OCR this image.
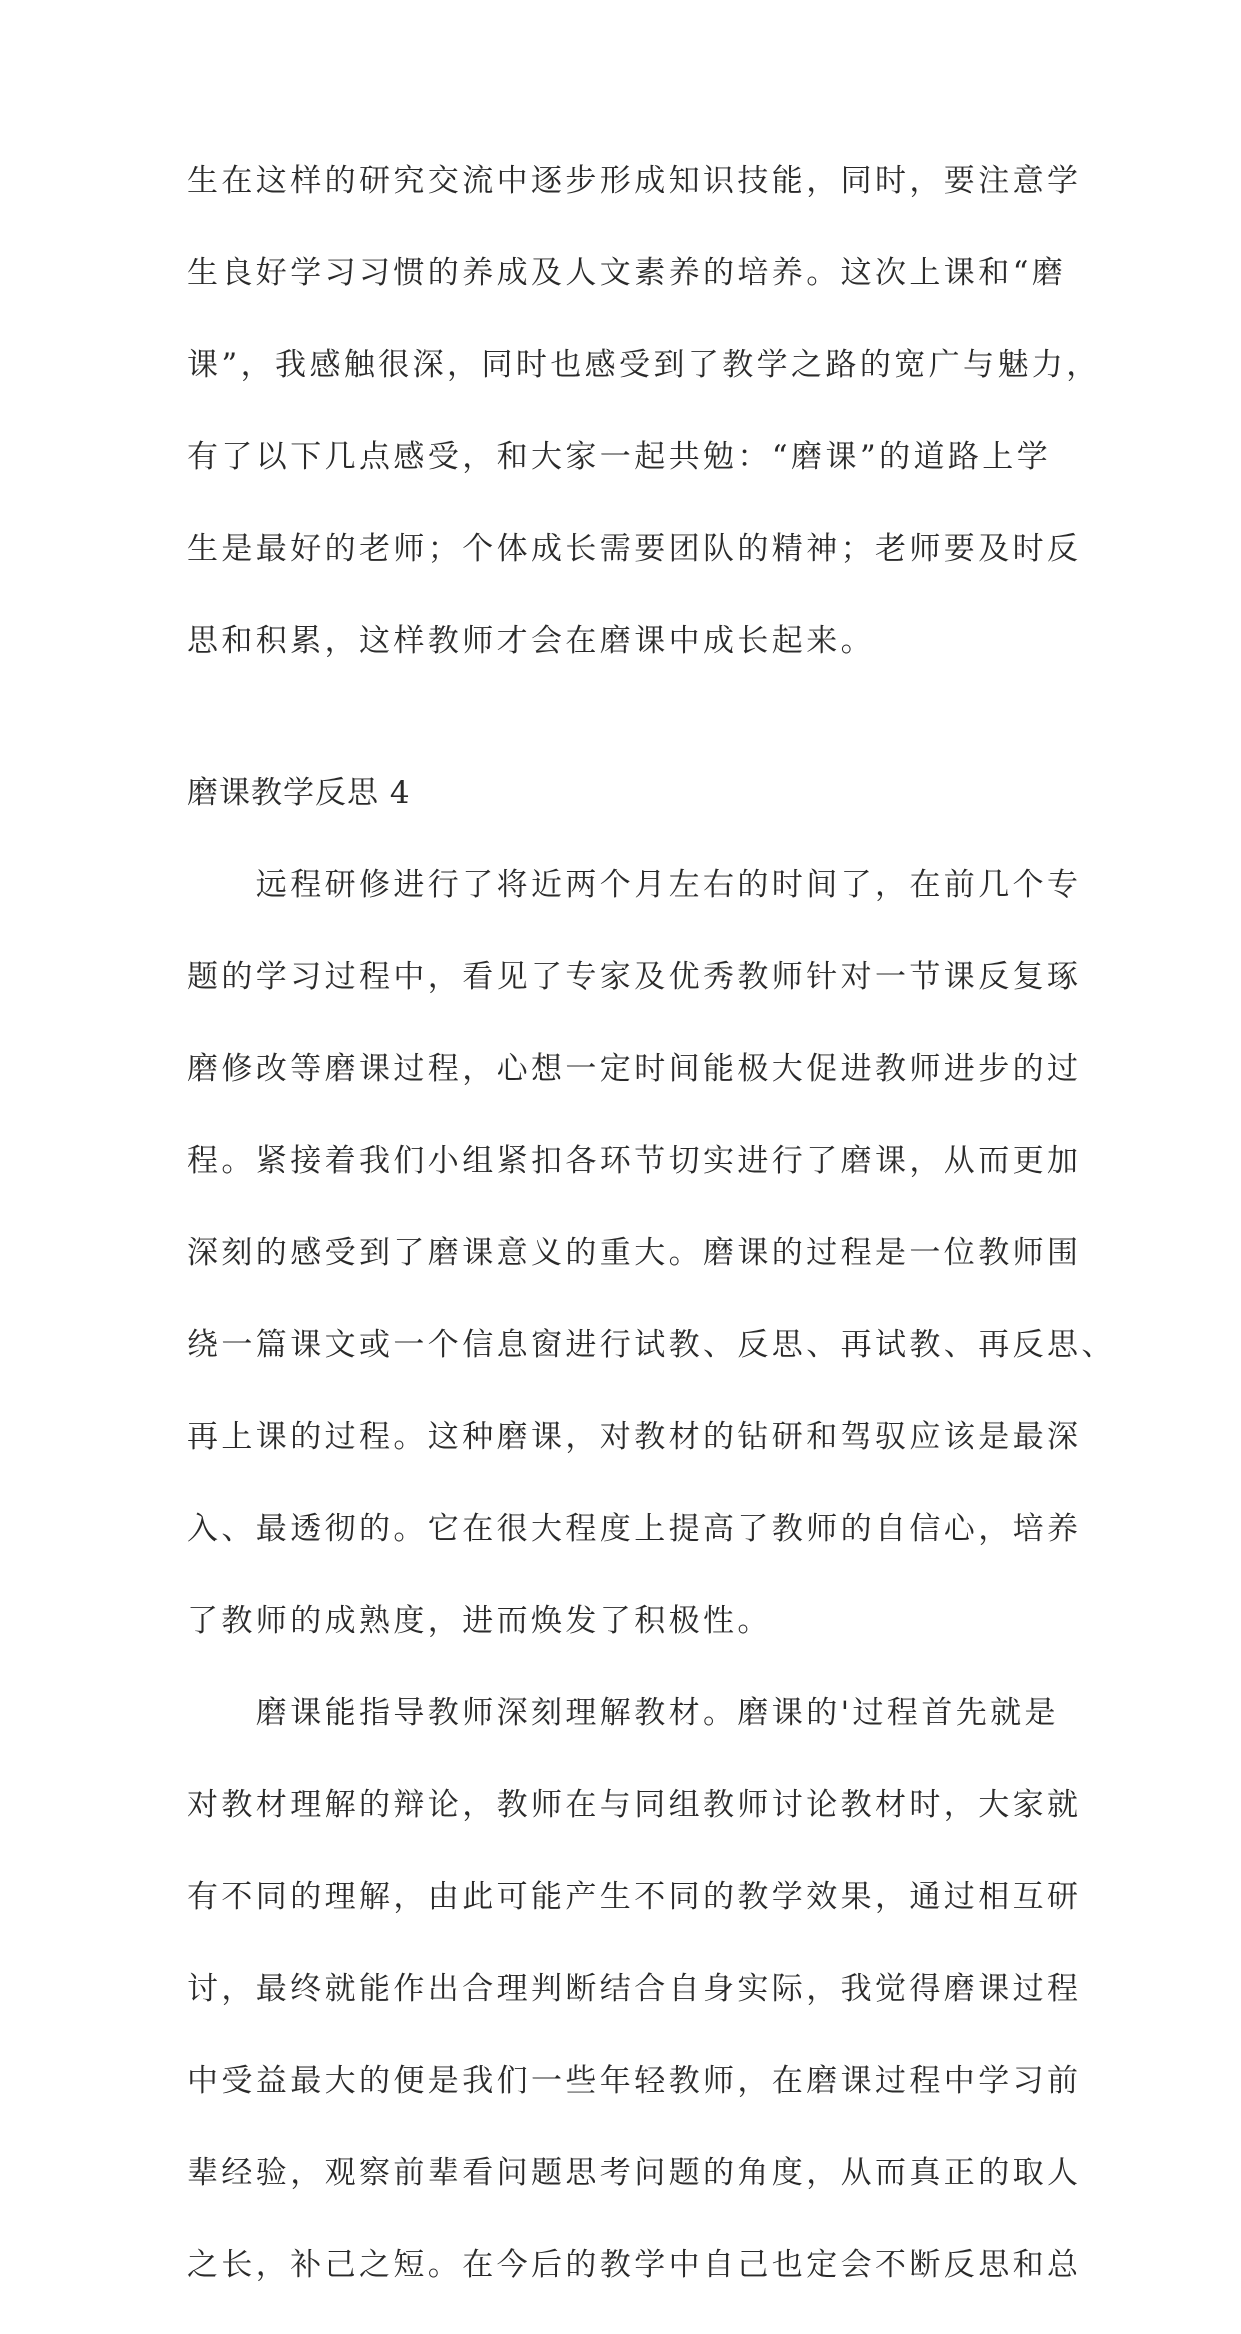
生在这样的研究交流中逐步形成知识技能，同时，要注意学
生良好学习习惯的养成及人文素养的培养。这次上课和“磨
课”，我感触很深，同时也感受到了教学之路的宽广与魅力，
有了以下几点感受，和大家一起共勉：“磨课”的道路上学
生是最好的老师；个体成长需要团队的精神；老师要及时反
思和积累，这样教师才会在磨课中成长起来。
磨课教学反思 4
　　远程研修进行了将近两个月左右的时间了，在前几个专
题的学习过程中，看见了专家及优秀教师针对一节课反复琢
磨修改等磨课过程，心想一定时间能极大促进教师进步的过
程。紧接着我们小组紧扣各环节切实进行了磨课，从而更加
深刻的感受到了磨课意义的重大。磨课的过程是一位教师围
绕一篇课文或一个信息窗进行试教、反思、再试教、再反思、
再上课的过程。这种磨课，对教材的钻研和驾驭应该是最深
入、最透彻的。它在很大程度上提高了教师的自信心，培养
了教师的成熟度，进而焕发了积极性。
　　磨课能指导教师深刻理解教材。磨课的'过程首先就是
对教材理解的辩论，教师在与同组教师讨论教材时，大家就
有不同的理解，由此可能产生不同的教学效果，通过相互研
讨，最终就能作出合理判断结合自身实际，我觉得磨课过程
中受益最大的便是我们一些年轻教师，在磨课过程中学习前
辈经验，观察前辈看问题思考问题的角度，从而真正的取人
之长，补己之短。在今后的教学中自己也定会不断反思和总
